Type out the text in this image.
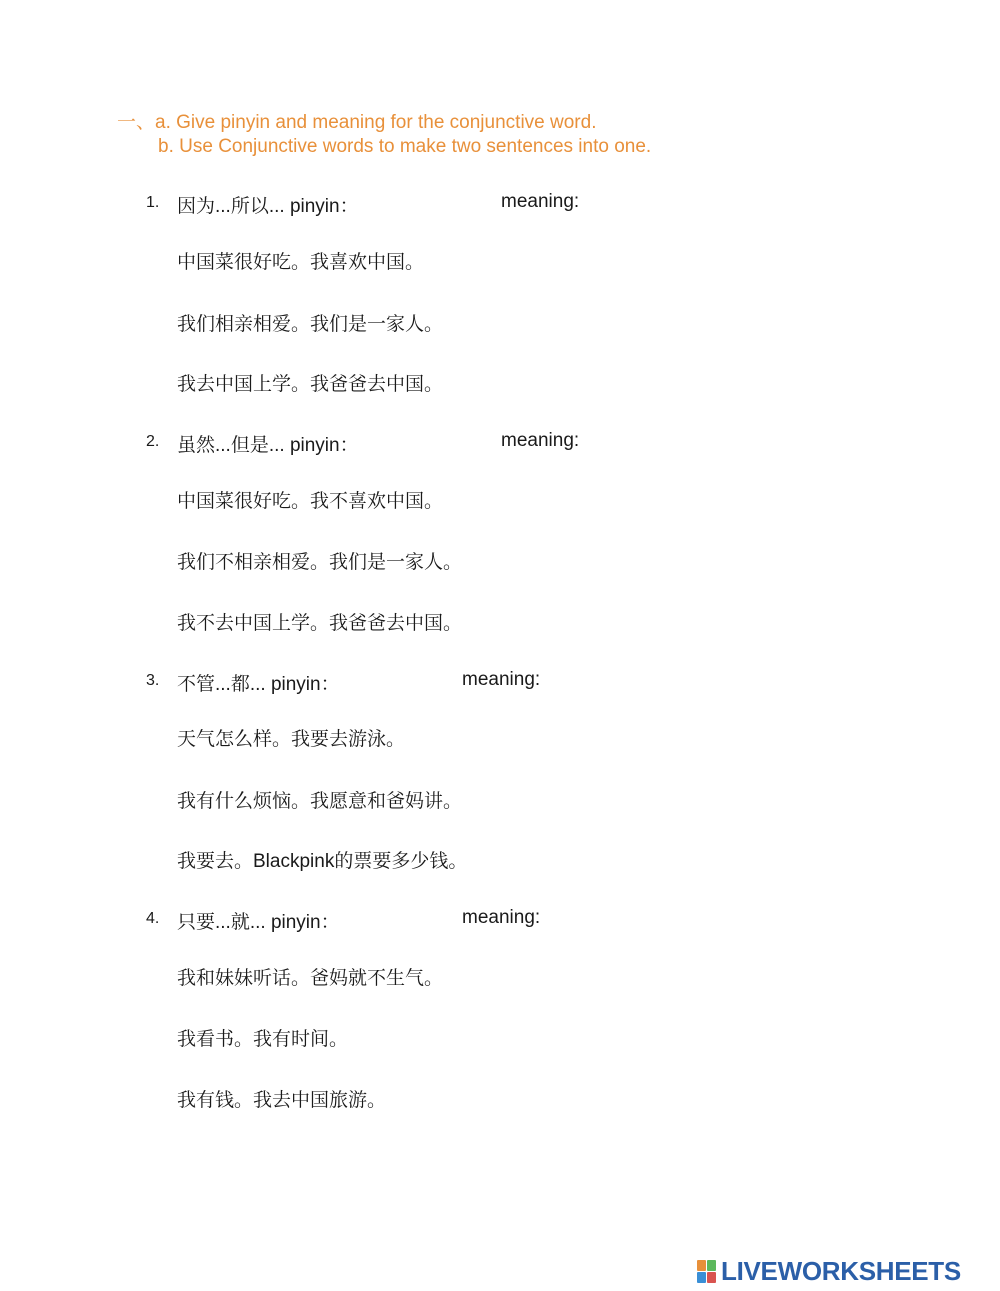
一、a. Give pinyin and meaning for the conjunctive word.
b. Use Conjunctive words to make two sentences into one.
1. 因为...所以... pinyin：	meaning:
中国菜很好吃。我喜欢中国。
我们相亲相爱。我们是一家人。
我去中国上学。我爸爸去中国。
2. 虽然...但是... pinyin：	meaning:
中国菜很好吃。我不喜欢中国。
我们不相亲相爱。我们是一家人。
我不去中国上学。我爸爸去中国。
3. 不管...都... pinyin：	meaning:
天气怎么样。我要去游泳。
我有什么烦恼。我愿意和爸妈讲。
我要去。Blackpink的票要多少钱。
4. 只要...就... pinyin：	meaning:
我和妹妹听话。爸妈就不生气。
我看书。我有时间。
我有钱。我去中国旅游。
LIVEWORKSHEETS
